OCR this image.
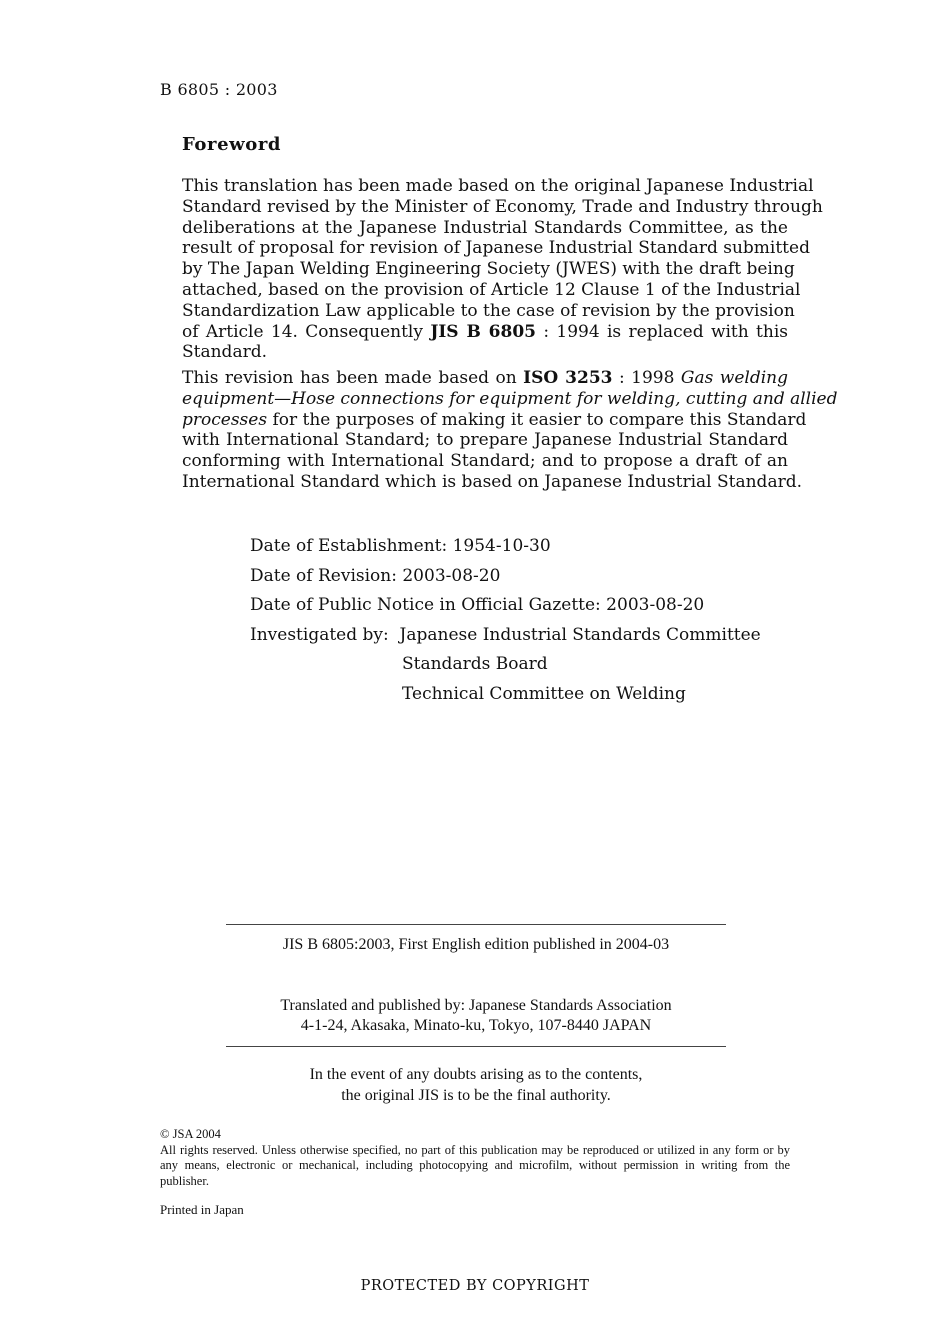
B 6805 : 2003
Foreword
This translation has been made based on the original Japanese Industrial
Standard revised by the Minister of Economy, Trade and Industry through
deliberations at the Japanese Industrial Standards Committee, as the
result of proposal for revision of Japanese Industrial Standard submitted
by The Japan Welding Engineering Society (JWES) with the draft being
attached, based on the provision of Article 12 Clause 1 of the Industrial
Standardization Law applicable to the case of revision by the provision
of Article 14. Consequently JIS B 6805 : 1994 is replaced with this
Standard.
This revision has been made based on ISO 3253 : 1998 Gas welding
equipment—Hose connections for equipment for welding, cutting and allied
processes for the purposes of making it easier to compare this Standard
with International Standard; to prepare Japanese Industrial Standard
conforming with International Standard; and to propose a draft of an
International Standard which is based on Japanese Industrial Standard.
Date of Establishment: 1954-10-30
Date of Revision: 2003-08-20
Date of Public Notice in Official Gazette: 2003-08-20
Investigated by: Japanese Industrial Standards Committee
Standards Board
Technical Committee on Welding
JIS B 6805:2003, First English edition published in 2004-03
Translated and published by: Japanese Standards Association
4-1-24, Akasaka, Minato-ku, Tokyo, 107-8440 JAPAN
In the event of any doubts arising as to the contents,
the original JIS is to be the final authority.
© JSA 2004
All rights reserved. Unless otherwise specified, no part of this publication may be reproduced or utilized in any form or by any means, electronic or mechanical, including photocopying and microfilm, without permission in writing from the publisher.
Printed in Japan
PROTECTED BY COPYRIGHT
